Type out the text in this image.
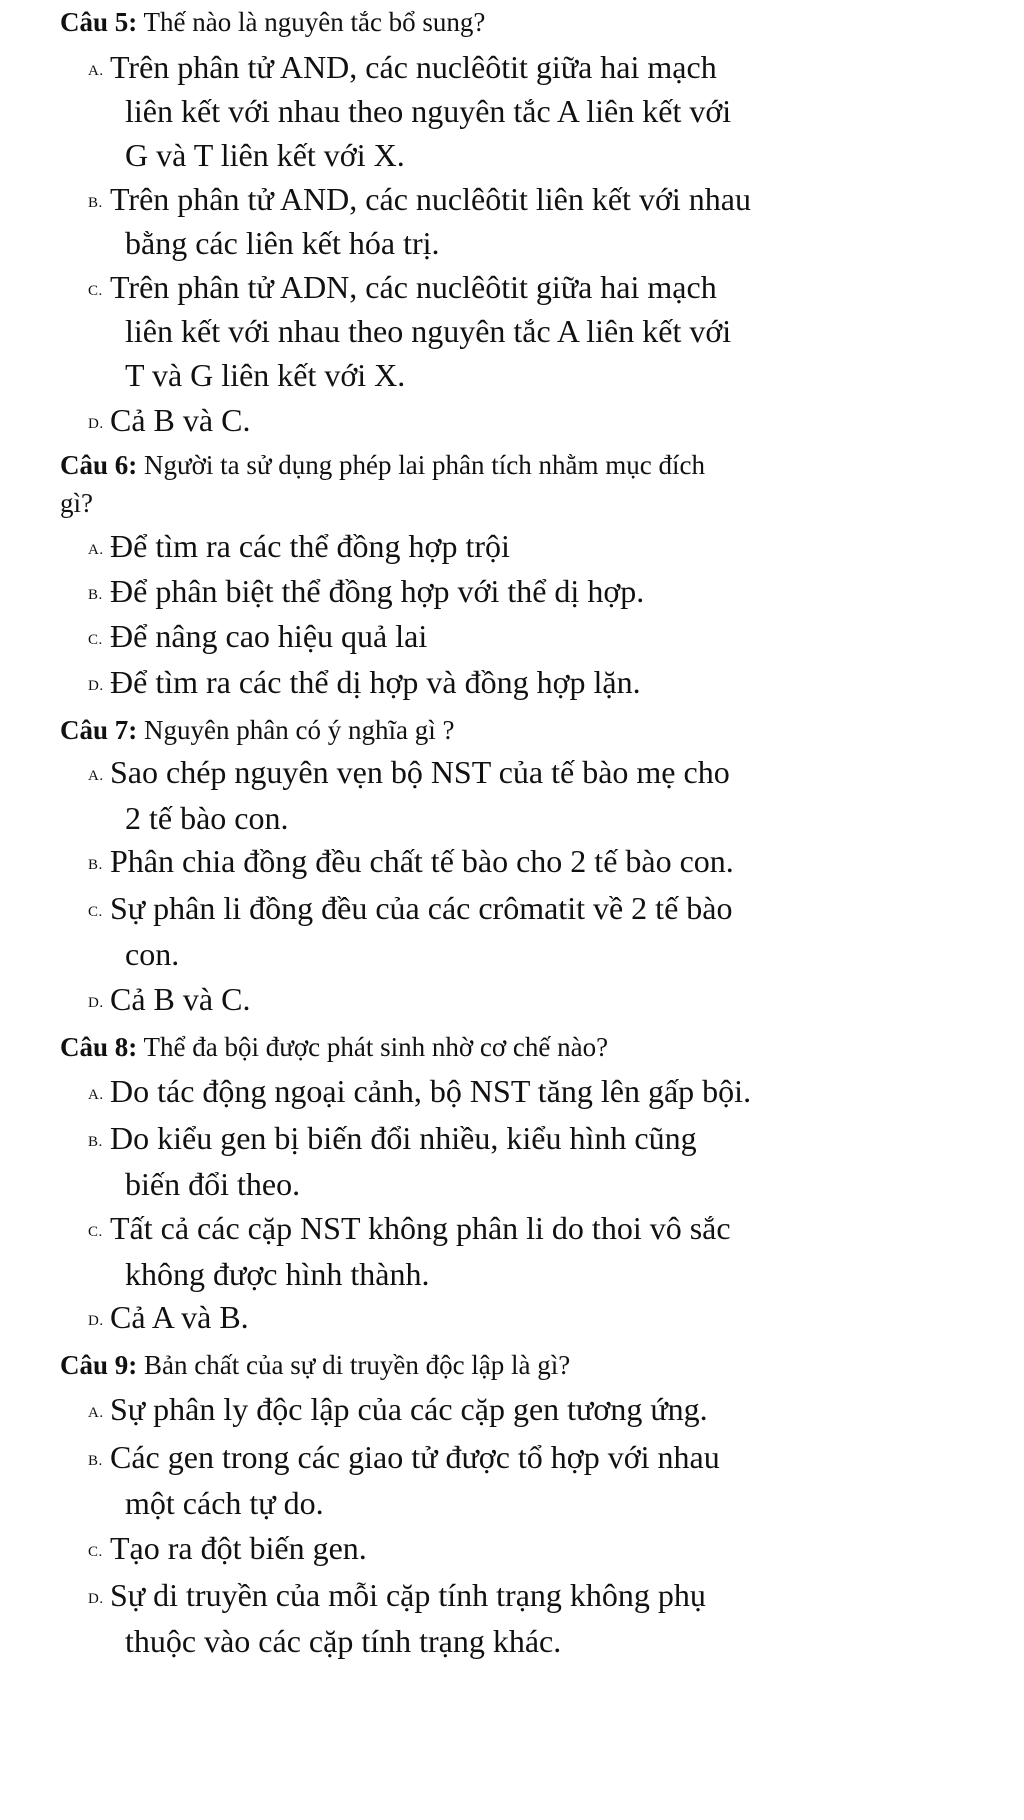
Câu 5: Thế nào là nguyên tắc bổ sung?
A. Trên phân tử AND, các nuclêôtit giữa hai mạch
liên kết với nhau theo nguyên tắc A liên kết với
G và T liên kết với X.
B. Trên phân tử AND, các nuclêôtit liên kết với nhau
bằng các liên kết hóa trị.
C. Trên phân tử ADN, các nuclêôtit giữa hai mạch
liên kết với nhau theo nguyên tắc A liên kết với
T và G liên kết với X.
D. Cả B và C.
Câu 6: Người ta sử dụng phép lai phân tích nhằm mục đích
gì?
A. Để tìm ra các thể đồng hợp trội
B. Để phân biệt thể đồng hợp với thể dị hợp.
C. Để nâng cao hiệu quả lai
D. Để tìm ra các thể dị hợp và đồng hợp lặn.
Câu 7: Nguyên phân có ý nghĩa gì ?
A. Sao chép nguyên vẹn bộ NST của tế bào mẹ cho
2 tế bào con.
B. Phân chia đồng đều chất tế bào cho 2 tế bào con.
C. Sự phân li đồng đều của các crômatit về 2 tế bào
con.
D. Cả B và C.
Câu 8: Thể đa bội được phát sinh nhờ cơ chế nào?
A. Do tác động ngoại cảnh, bộ NST tăng lên gấp bội.
B. Do kiểu gen bị biến đổi nhiều, kiểu hình cũng
biến đổi theo.
C. Tất cả các cặp NST không phân li do thoi vô sắc
không được hình thành.
D. Cả A và B.
Câu 9: Bản chất của sự di truyền độc lập là gì?
A. Sự phân ly độc lập của các cặp gen tương ứng.
B. Các gen trong các giao tử được tổ hợp với nhau
một cách tự do.
C. Tạo ra đột biến gen.
D. Sự di truyền của mỗi cặp tính trạng không phụ
thuộc vào các cặp tính trạng khác.
